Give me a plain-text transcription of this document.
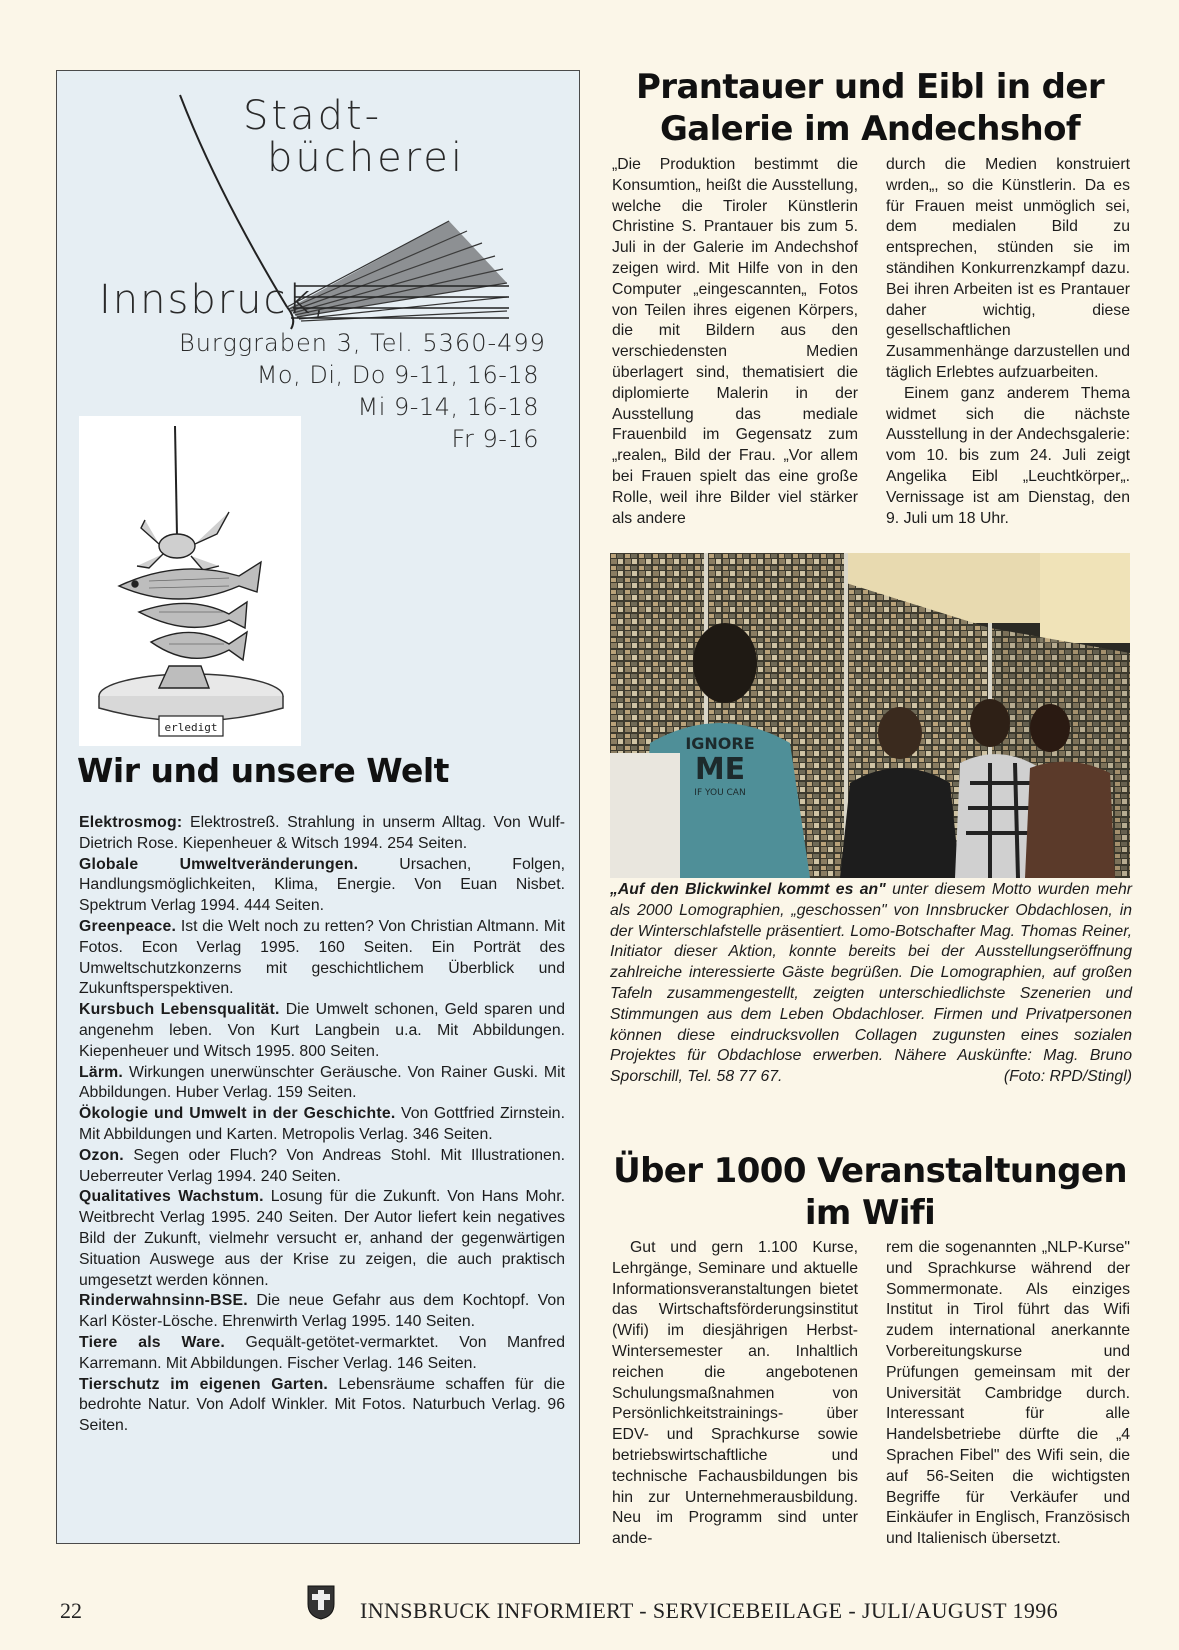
Stadt-
bücherei
Innsbruck,
Burggraben 3, Tel. 5360-499
Mo, Di, Do 9-11, 16-18
Mi 9-14, 16-18
Fr 9-16
erledigt
Wir und unsere Welt

Elektrosmog: Elektrostreß. Strahlung in unserm Alltag. Von Wulf-Dietrich Rose. Kiepenheuer & Witsch 1994. 254 Seiten.

Globale Umweltveränderungen. Ursachen, Folgen, Handlungsmöglichkeiten, Klima, Energie. Von Euan Nisbet. Spektrum Verlag 1994. 444 Seiten.

Greenpeace. Ist die Welt noch zu retten? Von Christian Altmann. Mit Fotos. Econ Verlag 1995. 160 Seiten. Ein Porträt des Umweltschutzkonzerns mit geschichtlichem Überblick und Zukunftsperspektiven.

Kursbuch Lebensqualität. Die Umwelt schonen, Geld sparen und angenehm leben. Von Kurt Langbein u.a. Mit Abbildungen. Kiepenheuer und Witsch 1995. 800 Seiten.

Lärm. Wirkungen unerwünschter Geräusche. Von Rainer Guski. Mit Abbildungen. Huber Verlag. 159 Seiten.

Ökologie und Umwelt in der Geschichte. Von Gottfried Zirnstein. Mit Abbildungen und Karten. Metropolis Verlag. 346 Seiten.

Ozon. Segen oder Fluch? Von Andreas Stohl. Mit Illustrationen. Ueberreuter Verlag 1994. 240 Seiten.

Qualitatives Wachstum. Losung für die Zukunft. Von Hans Mohr. Weitbrecht Verlag 1995. 240 Seiten. Der Autor liefert kein negatives Bild der Zukunft, vielmehr versucht er, anhand der gegenwärtigen Situation Auswege aus der Krise zu zeigen, die auch praktisch umgesetzt werden können.

Rinderwahnsinn-BSE. Die neue Gefahr aus dem Kochtopf. Von Karl Köster-Lösche. Ehrenwirth Verlag 1995. 140 Seiten.

Tiere als Ware. Gequält-getötet-vermarktet. Von Manfred Karremann. Mit Abbildungen. Fischer Verlag. 146 Seiten.

Tierschutz im eigenen Garten. Lebensräume schaffen für die bedrohte Natur. Von Adolf Winkler. Mit Fotos. Naturbuch Verlag. 96 Seiten.

Prantauer und Eibl in der
Galerie im Andechshof

„Die Produktion bestimmt die Konsumtion„ heißt die Ausstellung, welche die Tiroler Künstlerin Christine S. Prantauer bis zum 5. Juli in der Galerie im Andechshof zeigen wird. Mit Hilfe von in den Computer „eingescannten„ Fotos von Teilen ihres eigenen Körpers, die mit Bildern aus den verschiedensten Medien überlagert sind, thematisiert die diplomierte Malerin in der Ausstellung das mediale Frauenbild im Gegensatz zum „realen„ Bild der Frau. „Vor allem bei Frauen spielt das eine große Rolle, weil ihre Bilder viel stärker als andere

durch die Medien konstruiert wrden„, so die Künstlerin. Da es für Frauen meist unmöglich sei, dem medialen Bild zu entsprechen, stünden sie im ständihen Konkurrenzkampf dazu. Bei ihren Arbeiten ist es Prantauer daher wichtig, diese gesellschaftlichen Zusammenhänge darzustellen und täglich Erlebtes aufzuarbeiten.

Einem ganz anderem Thema widmet sich die nächste Ausstellung in der Andechsgalerie: vom 10. bis zum 24. Juli zeigt Angelika Eibl „Leuchtkörper„. Vernissage ist am Dienstag, den 9. Juli um 18 Uhr.

IGNORE
ME
IF YOU CAN
„Auf den Blickwinkel kommt es an" unter diesem Motto wurden mehr als 2000 Lomographien, „geschossen" von Innsbrucker Obdachlosen, in der Winterschlafstelle präsentiert. Lomo-Botschafter Mag. Thomas Reiner, Initiator dieser Aktion, konnte bereits bei der Ausstellungseröffnung zahlreiche interessierte Gäste begrüßen. Die Lomographien, auf großen Tafeln zusammengestellt, zeigten unterschiedlichste Szenerien und Stimmungen aus dem Leben Obdachloser. Firmen und Privatpersonen können diese eindrucksvollen Collagen zugunsten eines sozialen Projektes für Obdachlose erwerben. Nähere Auskünfte: Mag. Bruno Sporschill, Tel. 58 77 67.	(Foto: RPD/Stingl)
Über 1000 Veranstaltungen
im Wifi

Gut und gern 1.100 Kurse, Lehrgänge, Seminare und aktuelle Informationsveranstaltungen bietet das Wirtschaftsförderungsinstitut (Wifi) im diesjährigen Herbst-Wintersemester an. Inhaltlich reichen die angebotenen Schulungsmaßnahmen von Persönlichkeitstrainings- über EDV- und Sprachkurse sowie betriebswirtschaftliche und technische Fachausbildungen bis hin zur Unternehmerausbildung. Neu im Programm sind unter ande-

rem die sogenannten „NLP-Kurse" und Sprachkurse während der Sommermonate. Als einziges Institut in Tirol führt das Wifi zudem international anerkannte Vorbereitungskurse und Prüfungen gemeinsam mit der Universität Cambridge durch. Interessant für alle Handelsbetriebe dürfte die „4 Sprachen Fibel" des Wifi sein, die auf 56-Seiten die wichtigsten Begriffe für Verkäufer und Einkäufer in Englisch, Französisch und Italienisch übersetzt.

22	INNSBRUCK INFORMIERT - SERVICEBEILAGE - JULI/AUGUST 1996
